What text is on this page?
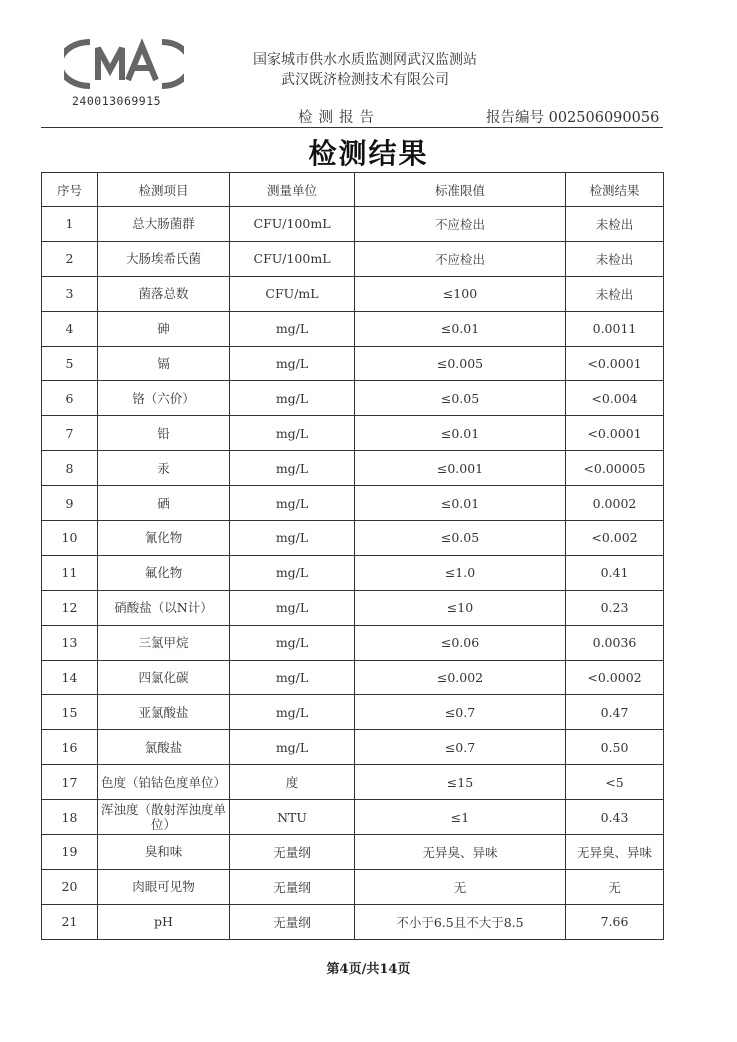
240013069915
国家城市供水水质监测网武汉监测站
武汉既济检测技术有限公司
检测报告	报告编号 002506090056
检测结果
序号	检测项目	测量单位	标准限值	检测结果
1	总大肠菌群	CFU/100mL	不应检出	未检出
2	大肠埃希氏菌	CFU/100mL	不应检出	未检出
3	菌落总数	CFU/mL	≤100	未检出
4	砷	mg/L	≤0.01	0.0011
5	镉	mg/L	≤0.005	<0.0001
6	铬（六价）	mg/L	≤0.05	<0.004
7	铅	mg/L	≤0.01	<0.0001
8	汞	mg/L	≤0.001	<0.00005
9	硒	mg/L	≤0.01	0.0002
10	氰化物	mg/L	≤0.05	<0.002
11	氟化物	mg/L	≤1.0	0.41
12	硝酸盐（以N计）	mg/L	≤10	0.23
13	三氯甲烷	mg/L	≤0.06	0.0036
14	四氯化碳	mg/L	≤0.002	<0.0002
15	亚氯酸盐	mg/L	≤0.7	0.47
16	氯酸盐	mg/L	≤0.7	0.50
17	色度（铂钴色度单位）	度	≤15	<5
18	浑浊度（散射浑浊度单位）	NTU	≤1	0.43
19	臭和味	无量纲	无异臭、异味	无异臭、异味
20	肉眼可见物	无量纲	无	无
21	pH	无量纲	不小于6.5且不大于8.5	7.66
第4页/共14页
